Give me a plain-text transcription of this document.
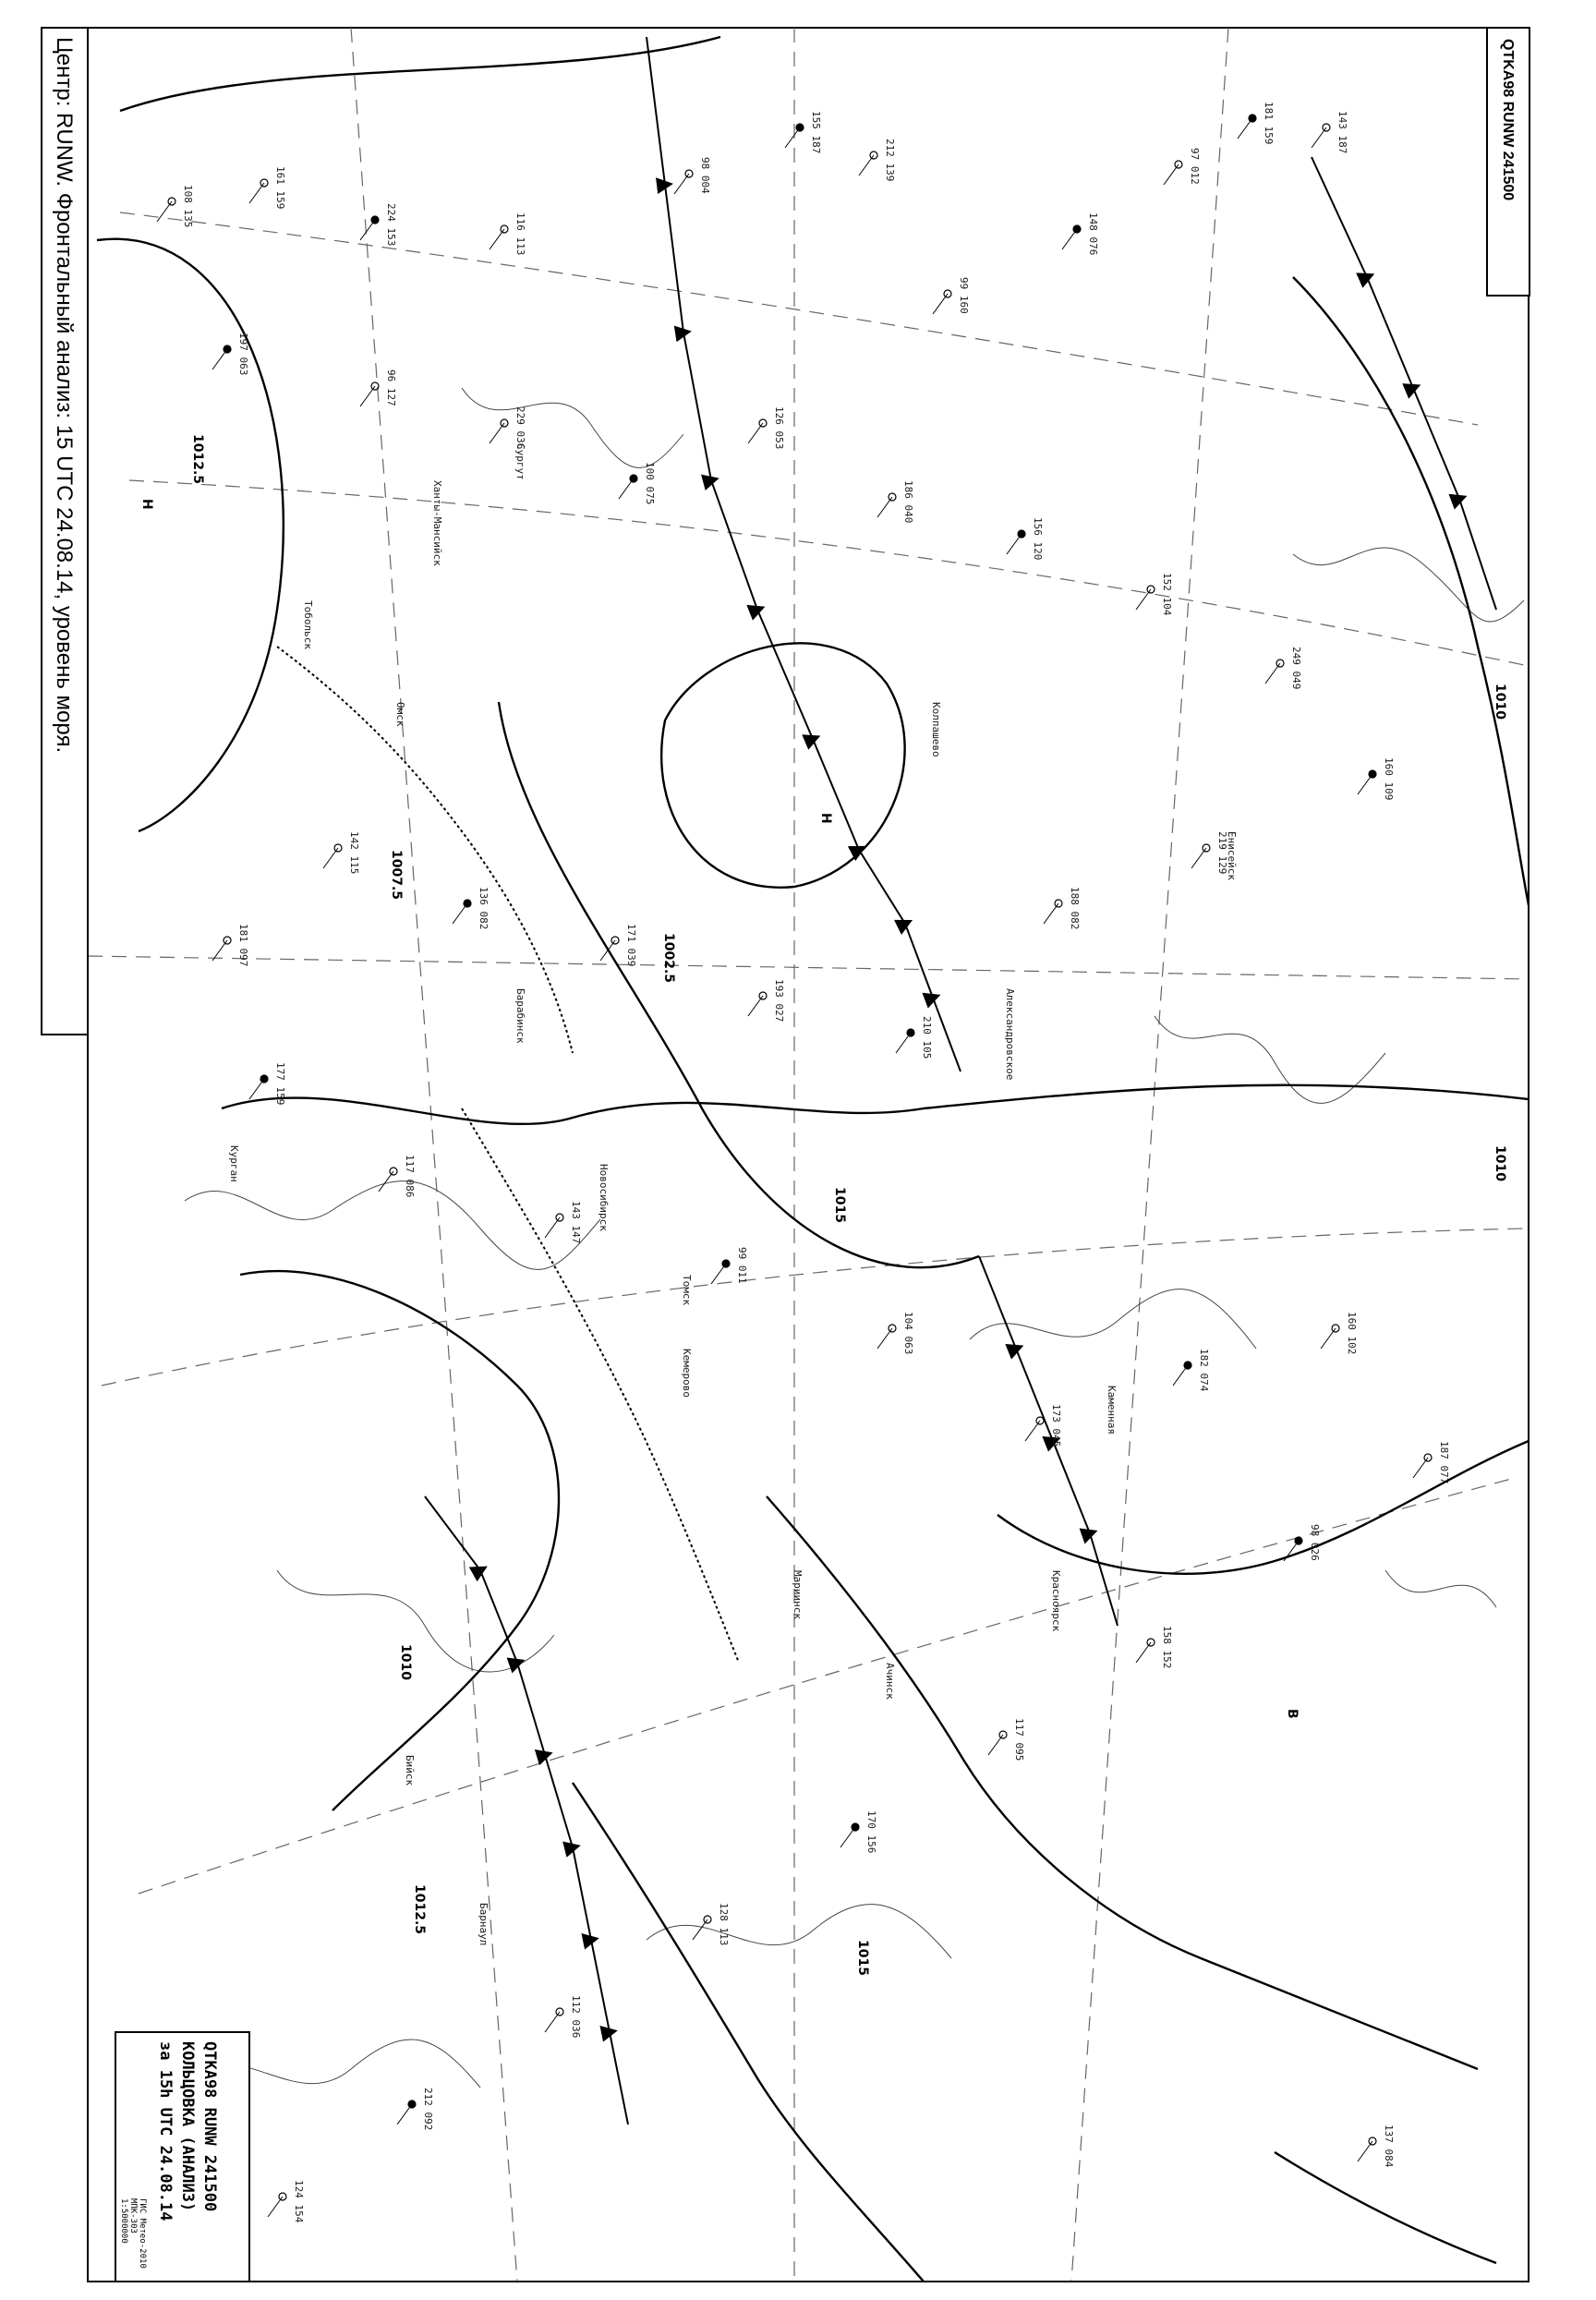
181 159	143 187
97 012
148 076
99 160
212 139
155 187
98 004
116 113
224 153
161 159
108 135
197 063
96 127
229 036
100 075
126 053
186 040
156 120
152 104
249 049
160 109
219 129
188 082
210 105
193 027
171 039
136 082
142 115
181 097
177 159
117 086
143 147
99 011
104 063
173 045
182 074
160 102
187 077
98 026
158 152
117 095
170 156
128 113
112 036
212 092
124 154
137 084
1010
1012.5
1015
1007.5
1010
1012.5
1015
1010
1002.5
Томск
Новосибирск
Кемерово
Омск
Каменная
Александровское
Колпашево
Барабинск
Сургут
Тобольск
Курган
Ханты-Мансийск
Енисейск
Красноярск
Ачинск
Бийск
Барнаул
Мариинск
Н
Н
В
Центр: RUNW. Фронтальный анализ: 15 UTC 24.08.14, уровень моря.	QTKA98 RUNW 241500
QTKA98 RUNW 241500
КОЛЬЦОВКА (АНАЛИЗ)
за 15h UTC 24.08.14
ГИС Метео-2010
МПК-303
1:5000000
